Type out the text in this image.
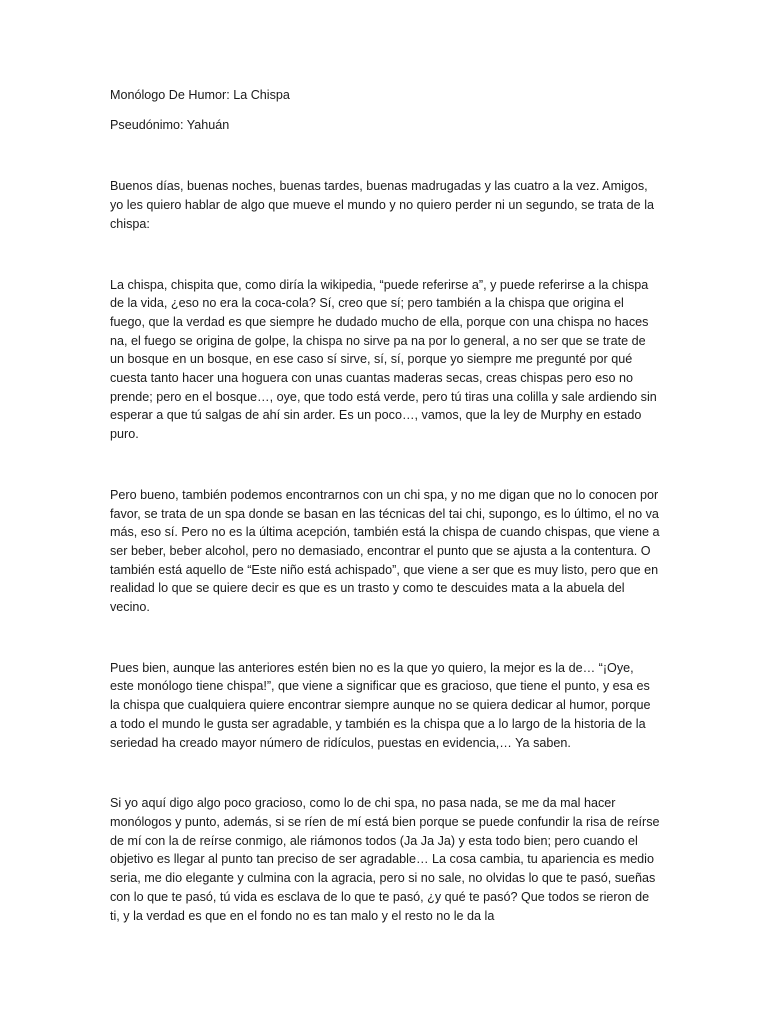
Monólogo De Humor: La Chispa

Pseudónimo: Yahuán

Buenos días, buenas noches, buenas tardes, buenas madrugadas y las cuatro a la vez. Amigos, yo les quiero hablar de algo que mueve el mundo y no quiero perder ni un segundo, se trata de la chispa:

La chispa, chispita que, como diría la wikipedia, “puede referirse a”, y puede referirse a la chispa de la vida, ¿eso no era la coca-cola? Sí, creo que sí; pero también a la chispa que origina el fuego, que la verdad es que siempre he dudado mucho de ella, porque con una chispa no haces na, el fuego se origina de golpe, la chispa no sirve pa na por lo general, a no ser que se trate de un bosque en un bosque, en ese caso sí sirve, sí, sí, porque yo siempre me pregunté por qué cuesta tanto hacer una hoguera con unas cuantas maderas secas, creas chispas pero eso no prende; pero en el bosque…, oye, que todo está verde, pero tú tiras una colilla y sale ardiendo sin esperar a que tú salgas de ahí sin arder. Es un poco…, vamos, que la ley de Murphy en estado puro.

Pero bueno, también podemos encontrarnos con un chi spa, y no me digan que no lo conocen por favor, se trata de un spa donde se basan en las técnicas del tai chi, supongo, es lo último, el no va más, eso sí. Pero no es la última acepción, también está la chispa de cuando chispas, que viene a ser beber, beber alcohol, pero no demasiado, encontrar el punto que se ajusta a la contentura. O también está aquello de “Este niño está achispado”, que viene a ser que es muy listo, pero que en realidad lo que se quiere decir es que es un trasto y como te descuides mata a la abuela del vecino.

Pues bien, aunque las anteriores estén bien no es la que yo quiero, la mejor es la de… “¡Oye, este monólogo tiene chispa!”, que viene a significar que es gracioso, que tiene el punto, y esa es la chispa que cualquiera quiere encontrar siempre aunque no se quiera dedicar al humor, porque a todo el mundo le gusta ser agradable, y también es la chispa que a lo largo de la historia de la seriedad ha creado mayor número de ridículos, puestas en evidencia,… Ya saben.

Si yo aquí digo algo poco gracioso, como lo de chi spa, no pasa nada, se me da mal hacer monólogos y punto, además, si se ríen de mí está bien porque se puede confundir la risa de reírse de mí con la de reírse conmigo, ale riámonos todos (Ja Ja Ja) y esta todo bien; pero cuando el objetivo es llegar al punto tan preciso de ser agradable… La cosa cambia, tu apariencia es medio seria, me dio elegante y culmina con la agracia, pero si no sale, no olvidas lo que te pasó, sueñas con lo que te pasó, tú vida es esclava de lo que te pasó, ¿y qué te pasó? Que todos se rieron de ti, y la verdad es que en el fondo no es tan malo y el resto no le da la
